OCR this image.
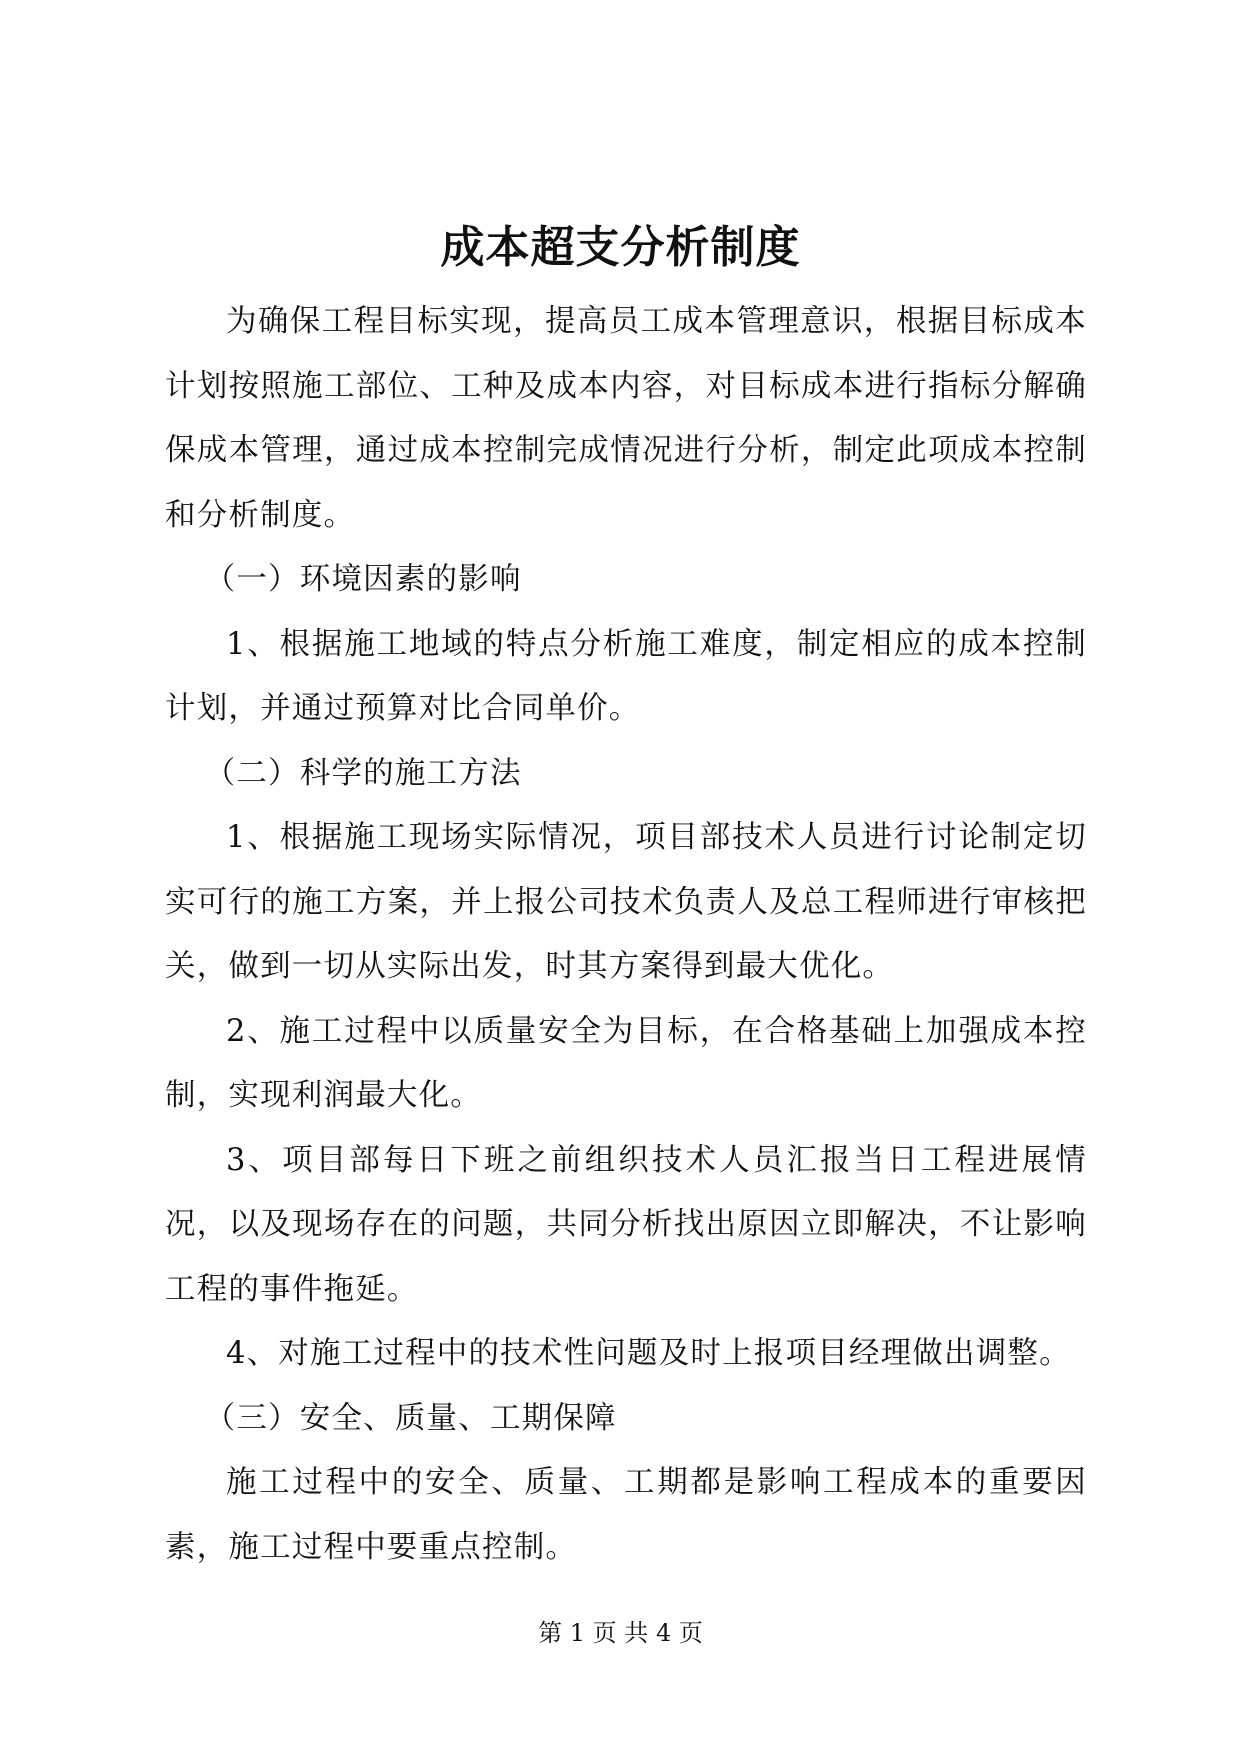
成本超支分析制度

为确保工程目标实现，提高员工成本管理意识，根据目标成本计划按照施工部位、工种及成本内容，对目标成本进行指标分解确保成本管理，通过成本控制完成情况进行分析，制定此项成本控制和分析制度。

（一）环境因素的影响

1、根据施工地域的特点分析施工难度，制定相应的成本控制计划，并通过预算对比合同单价。

（二）科学的施工方法

1、根据施工现场实际情况，项目部技术人员进行讨论制定切实可行的施工方案，并上报公司技术负责人及总工程师进行审核把关，做到一切从实际出发，时其方案得到最大优化。

2、施工过程中以质量安全为目标，在合格基础上加强成本控制，实现利润最大化。

3、项目部每日下班之前组织技术人员汇报当日工程进展情况，以及现场存在的问题，共同分析找出原因立即解决，不让影响工程的事件拖延。

4、对施工过程中的技术性问题及时上报项目经理做出调整。

（三）安全、质量、工期保障

施工过程中的安全、质量、工期都是影响工程成本的重要因素，施工过程中要重点控制。

第 1 页 共 4 页
